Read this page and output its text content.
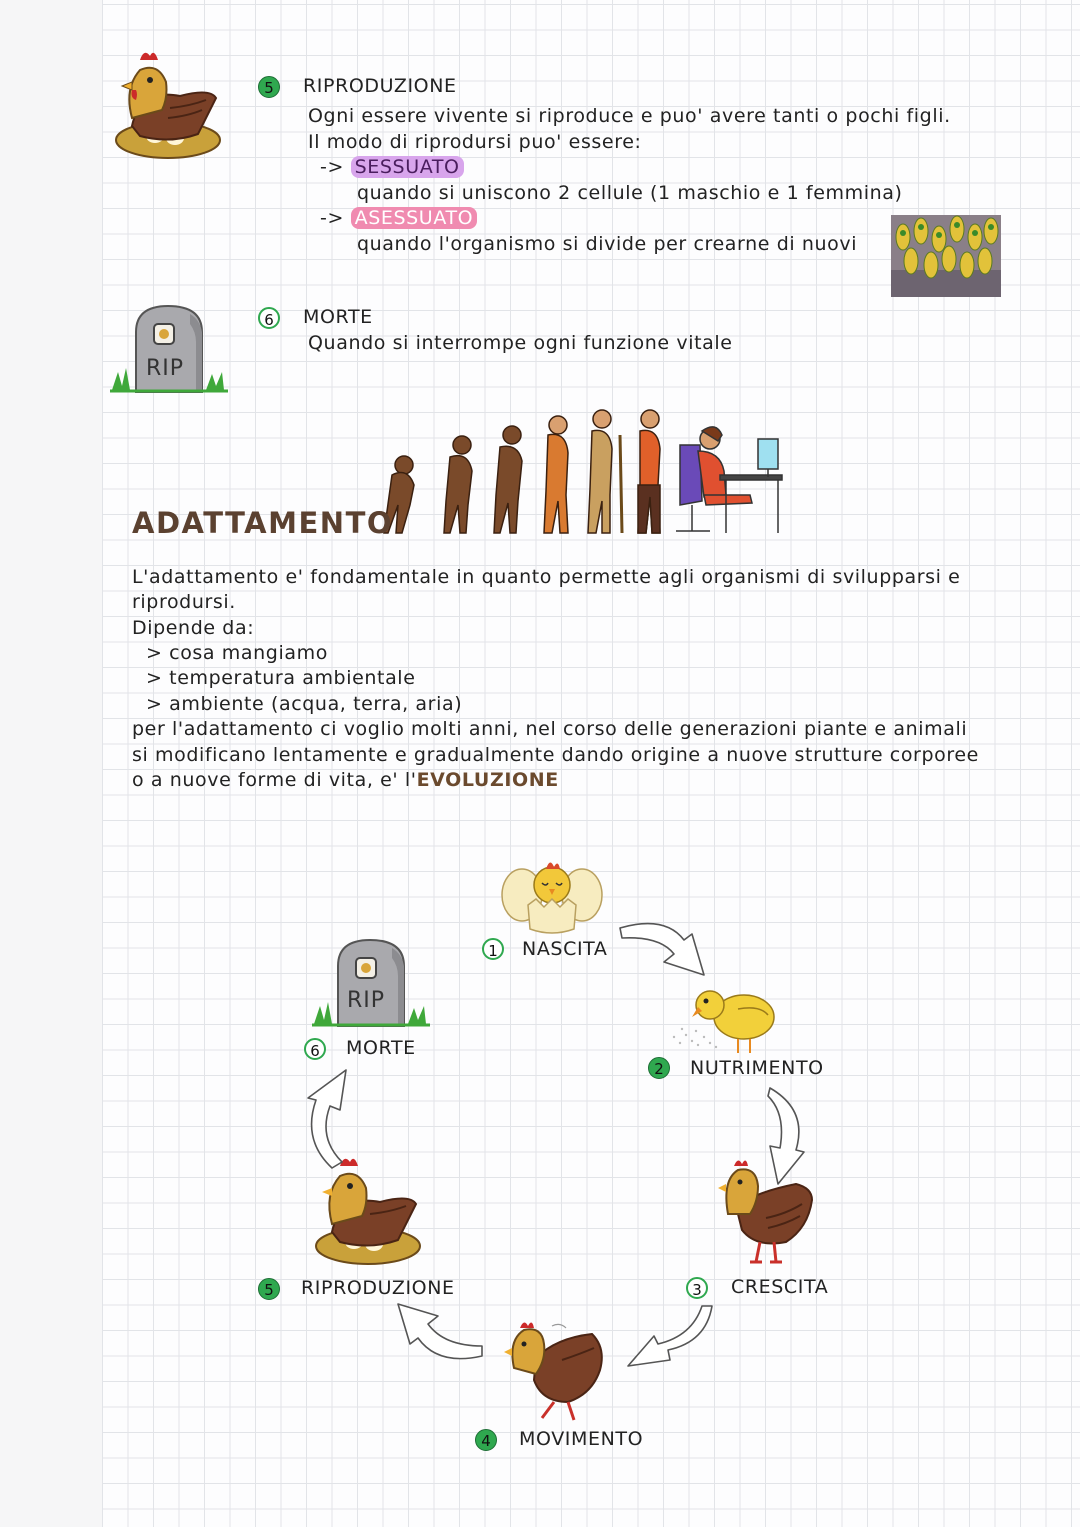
5	RIPRODUZIONE
Ogni essere vivente si riproduce e puo' avere tanti o pochi figli.
Il modo di riprodursi puo' essere:
-> SESSUATO
quando si uniscono 2 cellule (1 maschio e 1 femmina)
-> ASESSUATO
quando l'organismo si divide per crearne di nuovi
RIP
6	MORTE
Quando si interrompe ogni funzione vitale
ADATTAMENTO
L'adattamento e' fondamentale in quanto permette agli organismi di svilupparsi e
riprodursi.
Dipende da:
> cosa mangiamo
> temperatura ambientale
> ambiente (acqua, terra, aria)
per l'adattamento ci voglio molti anni, nel corso delle generazioni piante e animali
si modificano lentamente e gradualmente dando origine a nuove strutture corporee
o a nuove forme di vita, e' l'EVOLUZIONE
1	NASCITA
2	NUTRIMENTO
3	CRESCITA
4	MOVIMENTO
5	RIPRODUZIONE
RIP
6	MORTE
